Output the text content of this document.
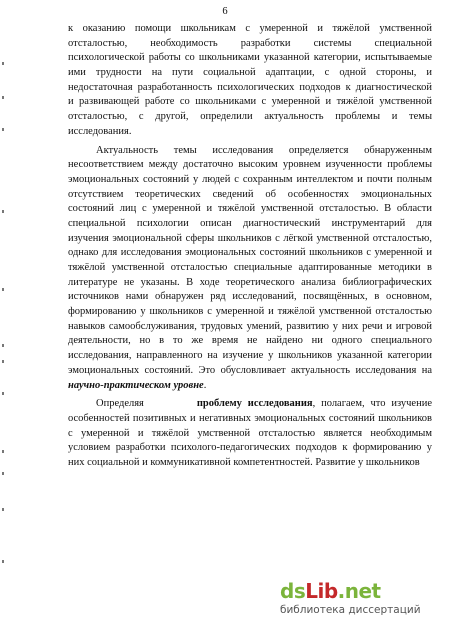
6
к оказанию помощи школьникам с умеренной и тяжёлой умственной
отсталостью, необходимость разработки системы специальной
психологической работы со школьниками указанной категории, испытываемые
ими трудности на пути социальной адаптации, с одной стороны, и
недостаточная разработанность психологических подходов к диагностической
и развивающей работе со школьниками с умеренной и тяжёлой умственной
отсталостью, с другой, определили актуальность проблемы и темы
исследования.
Актуальность темы исследования определяется обнаруженным
несоответствием между достаточно высоким уровнем изученности проблемы
эмоциональных состояний у людей с сохранным интеллектом и почти полным
отсутствием теоретических сведений об особенностях эмоциональных
состояний лиц с умеренной и тяжёлой умственной отсталостью. В области
специальной психологии описан диагностический инструментарий для
изучения эмоциональной сферы школьников с лёгкой умственной отсталостью,
однако для исследования эмоциональных состояний школьников с умеренной и
тяжёлой умственной отсталостью специальные адаптированные методики в
литературе не указаны. В ходе теоретического анализа библиографических
источников нами обнаружен ряд исследований, посвящённых, в основном,
формированию у школьников с умеренной и тяжёлой умственной отсталостью
навыков самообслуживания, трудовых умений, развитию у них речи и игровой
деятельности, но в то же время не найдено ни одного специального
исследования, направленного на изучение у школьников указанной категории
эмоциональных состояний. Это обусловливает актуальность исследования на
научно-практическом уровне.
Определяя	проблему исследования, полагаем, что изучение
особенностей позитивных и негативных эмоциональных состояний школьников
с умеренной и тяжёлой умственной отсталостью является необходимым
условием разработки психолого-педагогических подходов к формированию у
них социальной и коммуникативной компетентностей. Развитие у школьников
dsLib.net
библиотека диссертаций
